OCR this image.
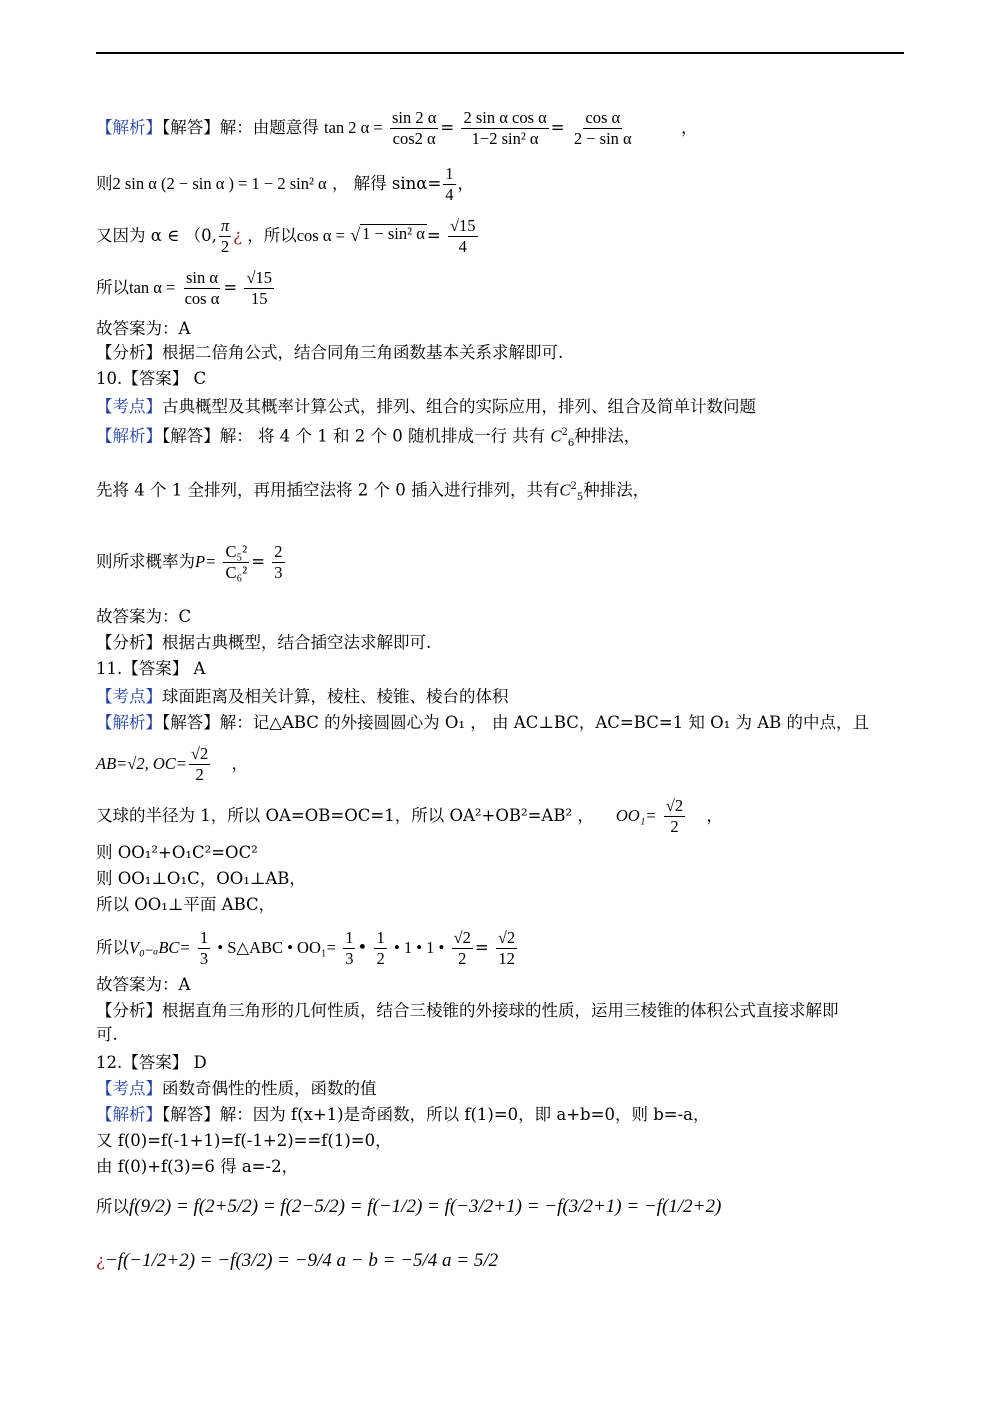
【解析】【解答】解：由题意得 tan 2 $\alpha = \frac{\sin 2 \alpha}{\cos 2 \alpha} = \frac{\text{2 sin α cos α}}{\text{1−2 sin² α}} = \frac{\text{cos α}}{\text{2 − sin α}}$	，
则2 sin α (2 − sin α ) = 1 − 2 sin² α ， 解得 $\sin\alpha= \frac{1}{4}$ ，
又因为 α ∈ （0, $\frac{\pi}{2}$ ¿ ，所以cos α = √ 1 − sin² $\alpha = \frac{√15}{4}$
所以$\tan \alpha = \frac{\text{sin α}}{\text{cos α}} = \frac{√15}{15}$
故答案为：A
【分析】根据二倍角公式，结合同角三角函数基本关系求解即可.
10.【答案】 C
【考点】古典概型及其概率计算公式，排列、组合的实际应用，排列、组合及简单计数问题
【解析】【解答】解： 将 4 个 1 和 2 个 0 随机排成一行 共有 $C^2_6$种排法，
先将 4 个 1 全排列，再用插空法将 2 个 0 插入进行排列，共有$C^2_5$种排法，
则所求概率为$P= \frac{\text{C₅²}}{\text{C₆²}} = \frac{2}{3}$
故答案为：C
【分析】根据古典概型，结合插空法求解即可.
11.【答案】 A
【考点】球面距离及相关计算，棱柱、棱锥、棱台的体积
【解析】【解答】解：记△ABC 的外接圆圆心为 O₁ ， 由 AC⊥BC，AC=BC=1 知 O₁ 为 AB 的中点，且
AB=√2, $OC= \frac{√2}{2}$ ，
又球的半径为 1，所以 OA=OB=OC=1，所以 OA²+OB²=AB² ， $OO_1= \frac{√2}{2}$ ，
则 OO₁²+O₁C²=OC²
则 OO₁⊥O₁C，OO₁⊥AB，
所以 OO₁⊥平面 ABC，
所以$V_{0-a}BC= \frac{1}{3}$ • S△ABC • $OO_1= \frac{1}{3}$ • $\frac{1}{2}$ • 1 • 1 • $\frac{√2}{2} = \frac{√2}{12}$
故答案为：A
【分析】根据直角三角形的几何性质，结合三棱锥的外接球的性质，运用三棱锥的体积公式直接求解即
可.
12.【答案】 D
【考点】函数奇偶性的性质，函数的值
【解析】【解答】解：因为 f(x+1)是奇函数，所以 f(1)=0，即 a+b=0，则 b=-a，
又 f(0)=f(-1+1)=f(-1+2)==f(1)=0，
由 f(0)+f(3)=6 得 a=-2，
所以f(9/2) = f(2+5/2) = f(2−5/2) = f(−1/2) = f(−3/2+1) = −f(3/2+1) = −f(1/2+2)
¿−f(−1/2+2) = −f(3/2) = −9/4 a − b = −5/4 a = 5/2
